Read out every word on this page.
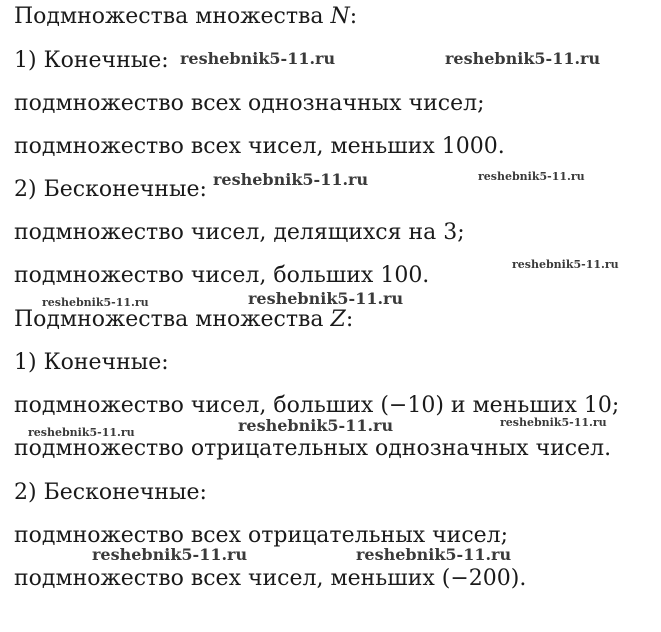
Подмножества множества N:
1) Конечные:
подмножество всех однозначных чисел;
подмножество всех чисел, меньших 1000.
2) Бесконечные:
подмножество чисел, делящихся на 3;
подмножество чисел, больших 100.
Подмножества множества Z:
1) Конечные:
подмножество чисел, больших (−10) и меньших 10;
подмножество отрицательных однозначных чисел.
2) Бесконечные:
подмножество всех отрицательных чисел;
подмножество всех чисел, меньших (−200).
reshebnik5-11.ru	reshebnik5-11.ru
reshebnik5-11.ru	reshebnik5-11.ru
reshebnik5-11.ru
reshebnik5-11.ru	reshebnik5-11.ru
reshebnik5-11.ru	reshebnik5-11.ru	reshebnik5-11.ru
reshebnik5-11.ru	reshebnik5-11.ru
